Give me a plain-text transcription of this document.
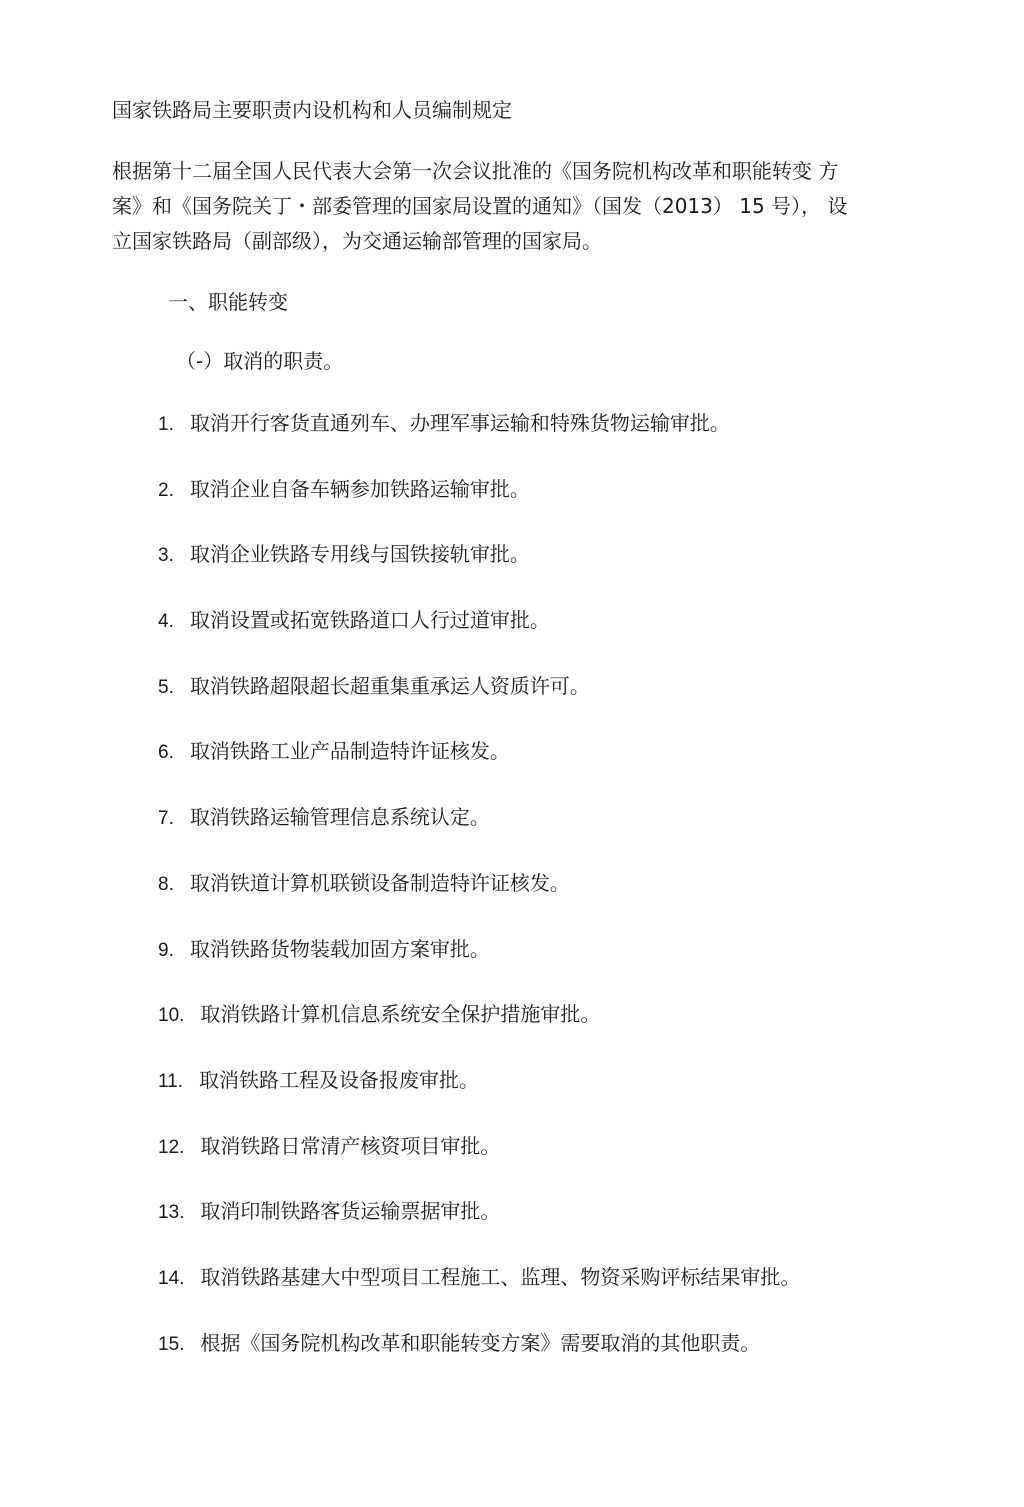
国家铁路局主要职责内设机构和人员编制规定
根据第十二届全国人民代表大会第一次会议批准的《国务院机构改革和职能转变 方
案》和《国务院关丁・部委管理的国家局设置的通知》（国发（2013） 15 号）， 设
立国家铁路局（副部级），为交通运输部管理的国家局。
一、职能转变
（-）取消的职责。
1. 取消开行客货直通列车、办理军事运输和特殊货物运输审批。
2. 取消企业自备车辆参加铁路运输审批。
3. 取消企业铁路专用线与国铁接轨审批。
4. 取消设置或拓宽铁路道口人行过道审批。
5. 取消铁路超限超长超重集重承运人资质许可。
6. 取消铁路工业产品制造特许证核发。
7. 取消铁路运输管理信息系统认定。
8. 取消铁道计算机联锁设备制造特许证核发。
9. 取消铁路货物装载加固方案审批。
10. 取消铁路计算机信息系统安全保护措施审批。
11. 取消铁路工程及设备报废审批。
12. 取消铁路日常清产核资项目审批。
13. 取消印制铁路客货运输票据审批。
14. 取消铁路基建大中型项目工程施工、监理、物资采购评标结果审批。
15. 根据《国务院机构改革和职能转变方案》需要取消的其他职责。
